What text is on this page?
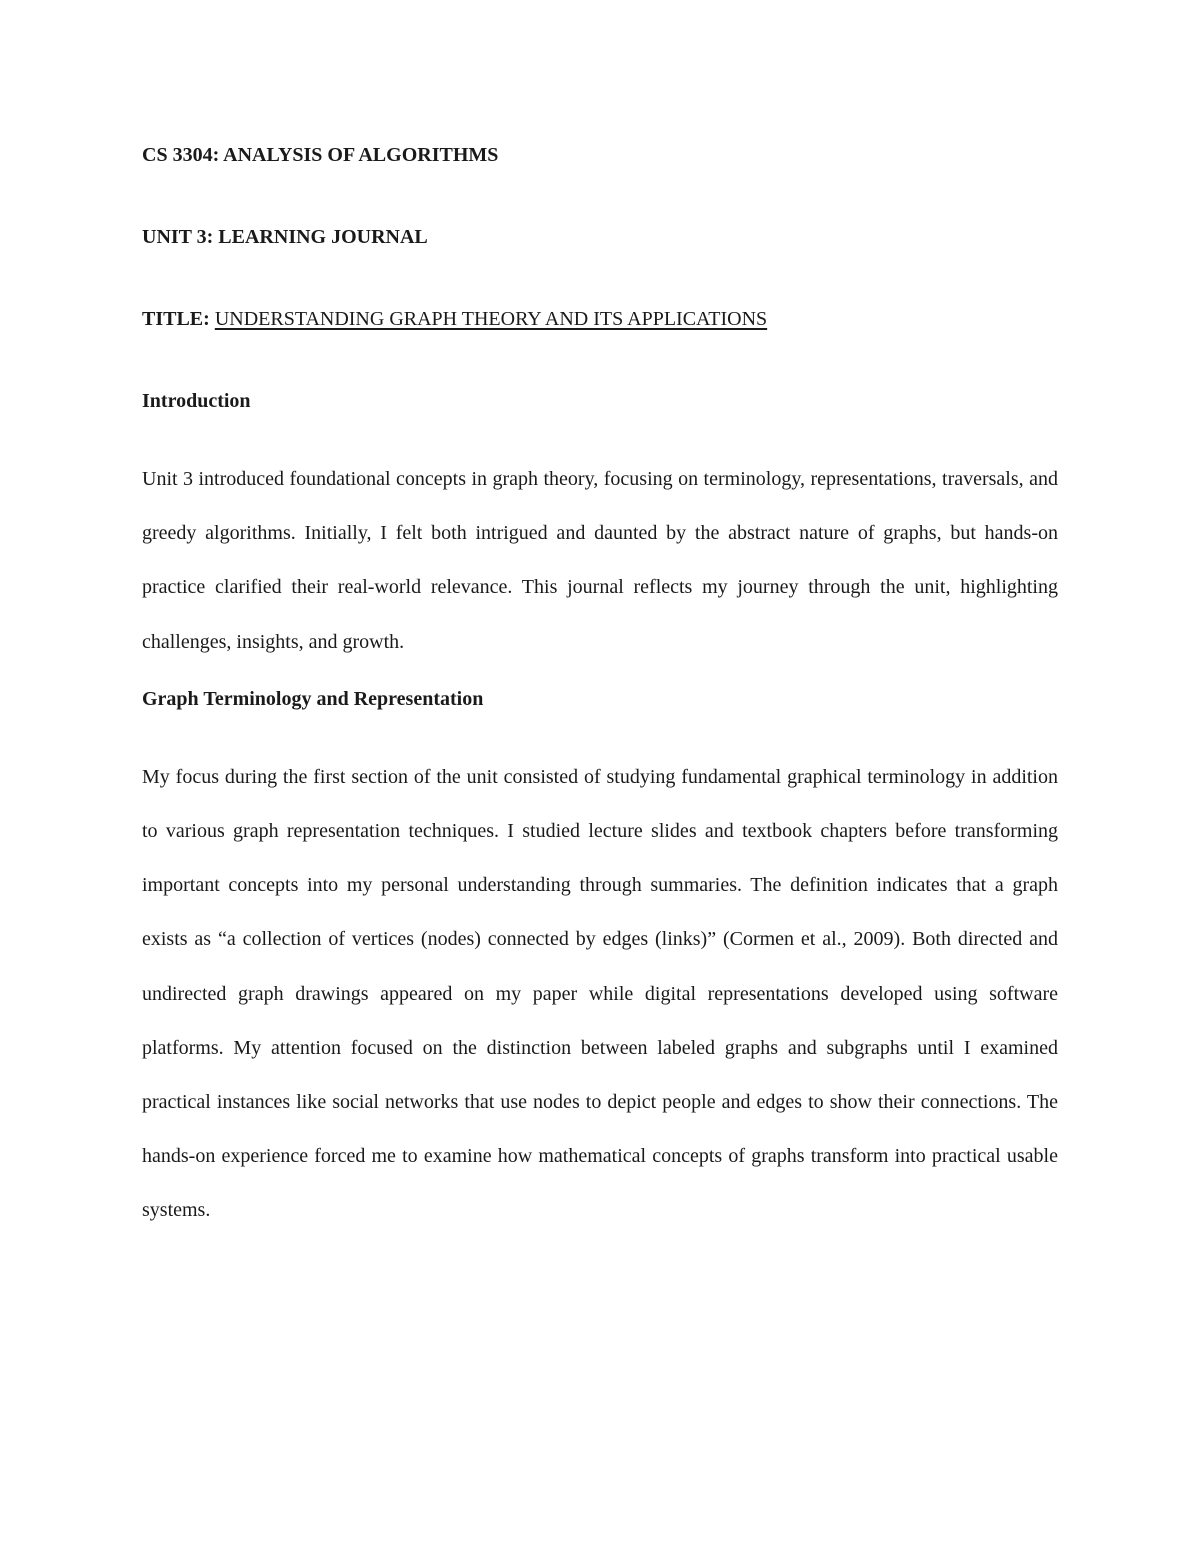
CS 3304: ANALYSIS OF ALGORITHMS

UNIT 3: LEARNING JOURNAL

TITLE: UNDERSTANDING GRAPH THEORY AND ITS APPLICATIONS

Introduction

Unit 3 introduced foundational concepts in graph theory, focusing on terminology, representations, traversals, and greedy algorithms. Initially, I felt both intrigued and daunted by the abstract nature of graphs, but hands-on practice clarified their real-world relevance. This journal reflects my journey through the unit, highlighting challenges, insights, and growth.

Graph Terminology and Representation

My focus during the first section of the unit consisted of studying fundamental graphical terminology in addition to various graph representation techniques. I studied lecture slides and textbook chapters before transforming important concepts into my personal understanding through summaries. The definition indicates that a graph exists as “a collection of vertices (nodes) connected by edges (links)” (Cormen et al., 2009). Both directed and undirected graph drawings appeared on my paper while digital representations developed using software platforms. My attention focused on the distinction between labeled graphs and subgraphs until I examined practical instances like social networks that use nodes to depict people and edges to show their connections. The hands-on experience forced me to examine how mathematical concepts of graphs transform into practical usable systems.
